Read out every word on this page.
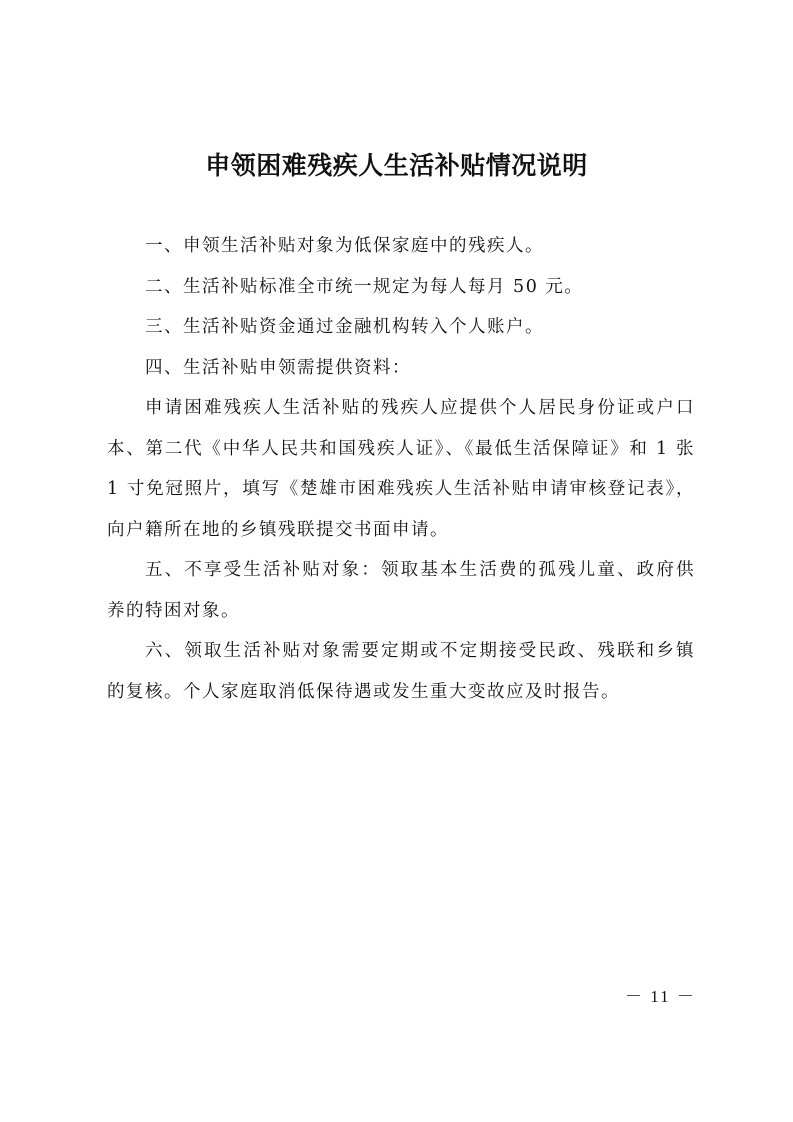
申领困难残疾人生活补贴情况说明

一、申领生活补贴对象为低保家庭中的残疾人。

二、生活补贴标准全市统一规定为每人每月 50 元。

三、生活补贴资金通过金融机构转入个人账户。

四、生活补贴申领需提供资料：

申请困难残疾人生活补贴的残疾人应提供个人居民身份证或户口本、第二代《中华人民共和国残疾人证》、《最低生活保障证》和 1 张 1 寸免冠照片，填写《楚雄市困难残疾人生活补贴申请审核登记表》，向户籍所在地的乡镇残联提交书面申请。

五、不享受生活补贴对象：领取基本生活费的孤残儿童、政府供养的特困对象。

六、领取生活补贴对象需要定期或不定期接受民政、残联和乡镇的复核。个人家庭取消低保待遇或发生重大变故应及时报告。

－ 11 －
